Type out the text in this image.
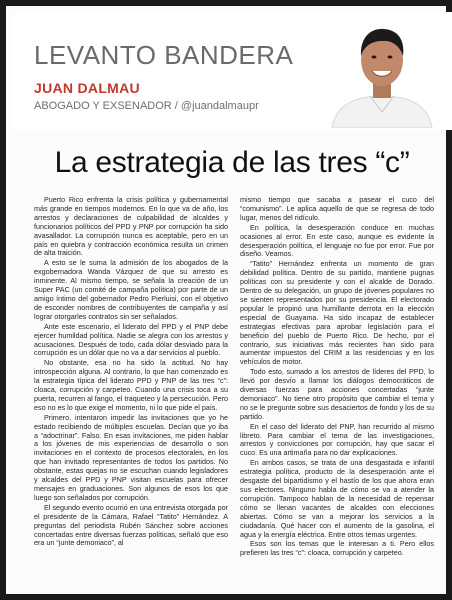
LEVANTO BANDERA
JUAN DALMAU
ABOGADO Y EXSENADOR / @juandalmaupr
La estrategia de las tres “c”

Puerto Rico enfrenta la crisis política y gubernamental más grande en tiempos modernos. En lo que va de año, los arrestos y declaraciones de culpabilidad de alcaldes y funcionarios políticos del PPD y PNP por corrupción ha sido avasallador. La corrupción nunca es aceptable, pero en un país en quiebra y contracción económica resulta un crimen de alta traición.

A esto se le suma la admisión de los abogados de la exgobernadora Wanda Vázquez de que su arresto es inminente. Al mismo tiempo, se señala la creación de un Super PAC (un comité de campaña política) por parte de un amigo íntimo del gobernador Pedro Pierluisi, con el objetivo de esconder nombres de contribuyentes de campaña y así lograr otorgarles contratos sin ser señalados.

Ante este escenario, el liderato del PPD y el PNP debe ejercer humildad política. Nadie se alegra con los arrestos y acusaciones. Después de todo, cada dólar desviado para la corrupción es un dólar que no va a dar servicios al pueblo.

No obstante, esa no ha sido la actitud. No hay introspección alguna. Al contrario, lo que han comenzado es la estrategia típica del liderato PPD y PNP de las tres “c”: cloaca, corrupción y carpeteo. Cuando una crisis toca a su puerta, recurren al fango, el traqueteo y la persecución. Pero eso no es lo que exige el momento, ni lo que pide el país.

Primero, intentaron impedir las invitaciones que yo he estado recibiendo de múltiples escuelas. Decían que yo iba a “adoctrinar”. Falso. En esas invitaciones, me piden hablar a los jóvenes de mis experiencias de desarrollo o son invitaciones en el contexto de procesos electorales, en los que han invitado representantes de todos los partidos. No obstante, estas quejas no se escuchan cuando legisladores y alcaldes del PPD y PNP visitan escuelas para ofrecer mensajes en graduaciones. Son algunos de esos los que luego son señalados por corrupción.

El segundo evento ocurrió en una entrevista otorgada por el presidente de la Cámara, Rafael “Tatito” Hernández. A preguntas del periodista Rubén Sánchez sobre acciones concertadas entre diversas fuerzas políticas, señaló que eso era un “junte demoniaco”, al

mismo tiempo que sacaba a pasear el cuco del “comunismo”. Le aplica aquello de que se regresa de todo lugar, menos del ridículo.

En política, la desesperación conduce en muchas ocasiones al error. En este caso, aunque es evidente la desesperación política, el lenguaje no fue por error. Fue por diseño. Veamos.

“Tatito” Hernández enfrenta un momento de gran debilidad política. Dentro de su partido, mantiene pugnas políticas con su presidente y con el alcalde de Dorado. Dentro de su delegación, un grupo de jóvenes populares no se sienten representados por su presidencia. El electorado popular le propinó una humillante derrota en la elección especial de Guayama. Ha sido incapaz de establecer estrategias efectivas para aprobar legislación para el beneficio del pueblo de Puerto Rico. De hecho, por el contrario, sus iniciativas más recientes han sido para aumentar impuestos del CRIM a las residencias y en los vehículos de motor.

Todo esto, sumado a los arrestos de líderes del PPD, lo llevó por desvío a llamar los diálogos democráticos de diversas fuerzas para acciones concertadas “junte demoniaco”. No tiene otro propósito que cambiar el tema y no se le pregunte sobre sus desaciertos de fondo y los de su partido.

En el caso del liderato del PNP, han recurrido al mismo libreto. Para cambiar el tema de las investigaciones, arrestos y convicciones por corrupción, hay que sacar el cuco. Es una artimaña para no dar explicaciones.

En ambos casos, se trata de una desgastada e infantil estrategia política, producto de la desesperación ante el desgaste del bipartidismo y el hastío de los que ahora eran sus electores. Ninguno habla de cómo se va a atender la corrupción. Tampoco hablan de la necesidad de repensar cómo se llenan vacantes de alcaldes con elecciones abiertas. Cómo se van a mejorar los servicios a la ciudadanía. Qué hacer con el aumento de la gasolina, el agua y la energía eléctrica. Entre otros temas urgentes.

Esos son los temas que le interesan a ti. Pero ellos prefieren las tres “c”: cloaca, corrupción y carpeteo.
